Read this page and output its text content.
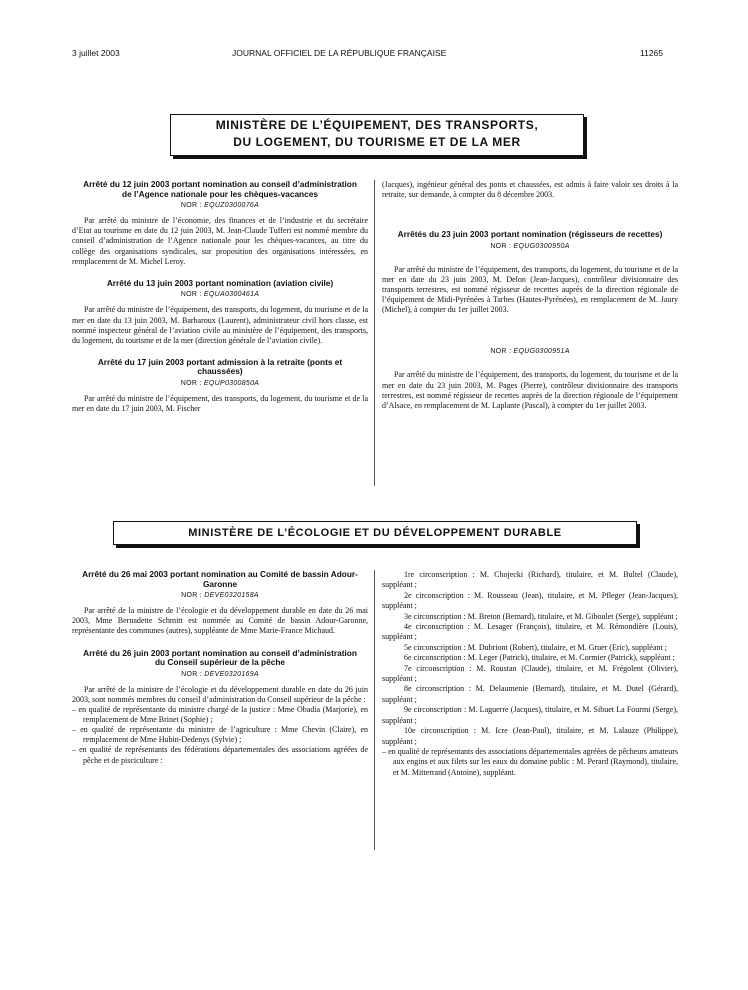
3 juillet 2003	JOURNAL OFFICIEL DE LA RÉPUBLIQUE FRANÇAISE	11265
MINISTÈRE DE L’ÉQUIPEMENT, DES TRANSPORTS,
DU LOGEMENT, DU TOURISME ET DE LA MER
Arrêté du 12 juin 2003 portant nomination au conseil d’administration de l’Agence nationale pour les chèques-vacances
NOR : EQUZ0300076A

Par arrêté du ministre de l’économie, des finances et de l’industrie et du secrétaire d’Etat au tourisme en date du 12 juin 2003, M. Jean-Claude Tufferi est nommé membre du conseil d’administration de l’Agence nationale pour les chèques-vacances, au titre du collège des organisations syndicales, sur proposition des organisations intéressées, en remplacement de M. Michel Leroy.

Arrêté du 13 juin 2003 portant nomination (aviation civile)
NOR : EQUA0300461A

Par arrêté du ministre de l’équipement, des transports, du logement, du tourisme et de la mer en date du 13 juin 2003, M. Barbaroux (Laurent), administrateur civil hors classe, est nommé inspecteur général de l’aviation civile au ministère de l’équipement, des transports, du logement, du tourisme et de la mer (direction générale de l’aviation civile).

Arrêté du 17 juin 2003 portant admission à la retraite (ponts et chaussées)
NOR : EQUP0300850A

Par arrêté du ministre de l’équipement, des transports, du logement, du tourisme et de la mer en date du 17 juin 2003, M. Fischer

(Jacques), ingénieur général des ponts et chaussées, est admis à faire valoir ses droits à la retraite, sur demande, à compter du 8 décembre 2003.

Arrêtés du 23 juin 2003 portant nomination (régisseurs de recettes)
NOR : EQUG0300950A

Par arrêté du ministre de l’équipement, des transports, du logement, du tourisme et de la mer en date du 23 juin 2003, M. Delon (Jean-Jacques), contrôleur divisionnaire des transports terrestres, est nommé régisseur de recettes auprès de la direction régionale de l’équipement de Midi-Pyrénées à Tarbes (Hautes-Pyrénées), en remplacement de M. Jaury (Michel), à compter du 1er juillet 2003.

NOR : EQUG0300951A

Par arrêté du ministre de l’équipement, des transports, du logement, du tourisme et de la mer en date du 23 juin 2003, M. Pages (Pierre), contrôleur divisionnaire des transports terrestres, est nommé régisseur de recettes auprès de la direction régionale de l’équipement d’Alsace, en remplacement de M. Laplante (Pascal), à compter du 1er juillet 2003.

MINISTÈRE DE L’ÉCOLOGIE ET DU DÉVELOPPEMENT DURABLE
Arrêté du 26 mai 2003 portant nomination au Comité de bassin Adour-Garonne
NOR : DEVE0320158A

Par arrêté de la ministre de l’écologie et du développement durable en date du 26 mai 2003, Mme Bernadette Schmitt est nommée au Comité de bassin Adour-Garonne, représentante des communes (autres), suppléante de Mme Marie-France Michaud.

Arrêté du 26 juin 2003 portant nomination au conseil d’administration du Conseil supérieur de la pêche
NOR : DEVE0320169A

Par arrêté de la ministre de l’écologie et du développement durable en date du 26 juin 2003, sont nommés membres du conseil d’administration du Conseil supérieur de la pêche :

– en qualité de représentante du ministre chargé de la justice : Mme Obadia (Marjorie), en remplacement de Mme Brinet (Sophie) ;
– en qualité de représentante du ministre de l’agriculture : Mme Chevin (Claire), en remplacement de Mme Hubin-Dedenys (Sylvie) ;
– en qualité de représentants des fédérations départementales des associations agréées de pêche et de pisciculture :

1re circonscription : M. Chojecki (Richard), titulaire, et M. Bultel (Claude), suppléant ;

2e circonscription : M. Rousseau (Jean), titulaire, et M. Pfleger (Jean-Jacques), suppléant ;

3e circonscription : M. Breton (Bernard), titulaire, et M. Giboulet (Serge), suppléant ;

4e circonscription : M. Lesager (François), titulaire, et M. Rémondière (Louis), suppléant ;

5e circonscription : M. Dubriont (Robert), titulaire, et M. Gruer (Eric), suppléant ;

6e circonscription : M. Leger (Patrick), titulaire, et M. Cormier (Patrick), suppléant ;

7e circonscription : M. Roustan (Claude), titulaire, et M. Frégolent (Olivier), suppléant ;

8e circonscription : M. Delaumenie (Bernard), titulaire, et M. Dutel (Gérard), suppléant ;

9e circonscription : M. Laguerre (Jacques), titulaire, et M. Sibuet La Fourmi (Serge), suppléant ;

10e circonscription : M. Icre (Jean-Paul), titulaire, et M. Lalauze (Philippe), suppléant ;

– en qualité de représentants des associations départementales agréées de pêcheurs amateurs aux engins et aux filets sur les eaux du domaine public : M. Perard (Raymond), titulaire, et M. Mitterrand (Antoine), suppléant.
